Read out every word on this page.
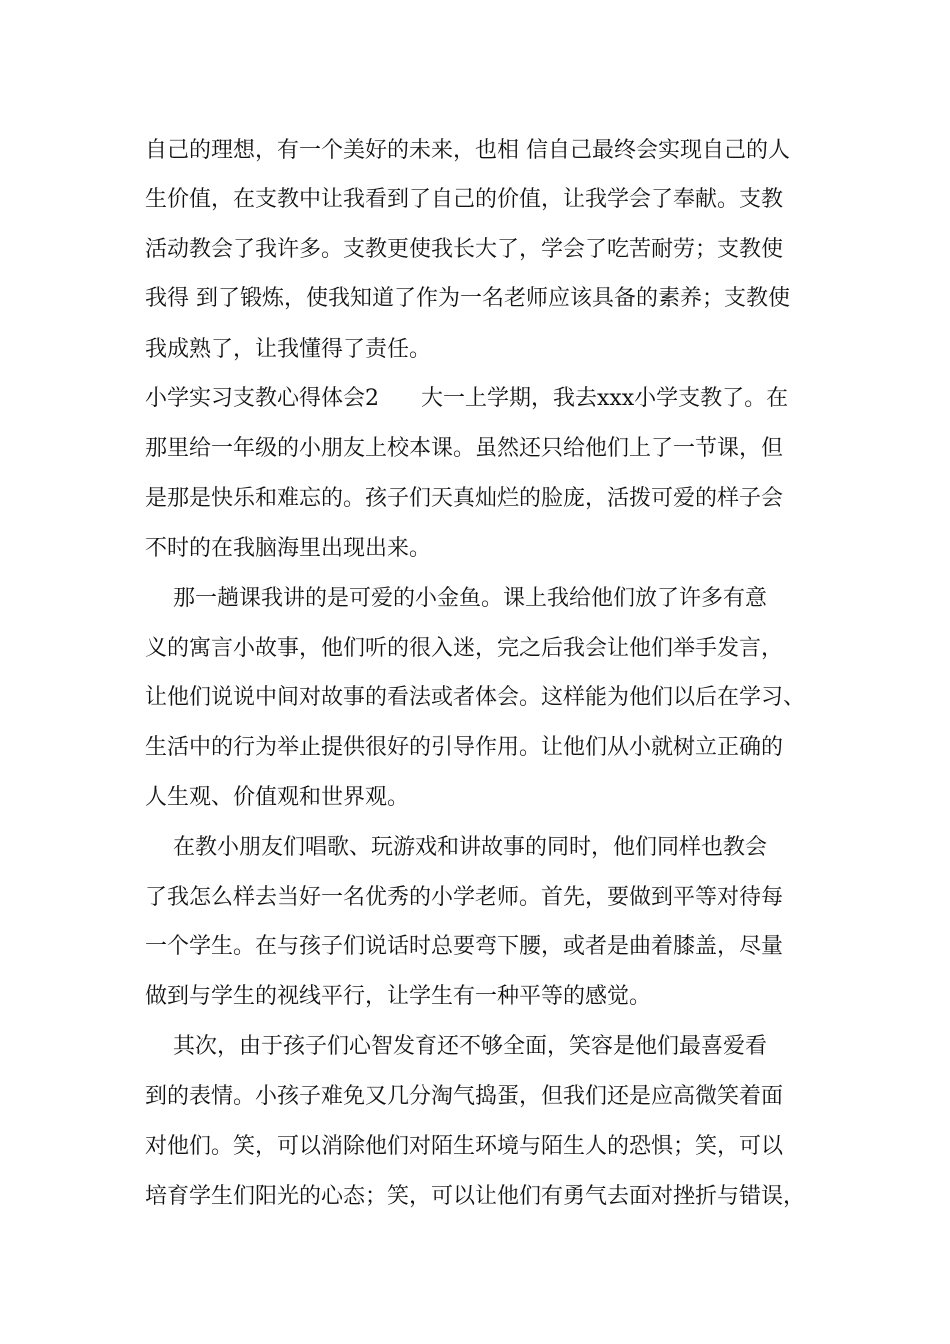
自己的理想，有一个美好的未来，也相 信自己最终会实现自己的人

生价值，在支教中让我看到了自己的价值，让我学会了奉献。支教

活动教会了我许多。支教更使我长大了，学会了吃苦耐劳；支教使

我得 到了锻炼，使我知道了作为一名老师应该具备的素养；支教使

我成熟了，让我懂得了责任。

小学实习支教心得体会2      大一上学期，我去xxx小学支教了。在

那里给一年级的小朋友上校本课。虽然还只给他们上了一节课，但

是那是快乐和难忘的。孩子们天真灿烂的脸庞，活拨可爱的样子会

不时的在我脑海里出现出来。

那一趟课我讲的是可爱的小金鱼。课上我给他们放了许多有意

义的寓言小故事，他们听的很入迷，完之后我会让他们举手发言，

让他们说说中间对故事的看法或者体会。这样能为他们以后在学习、

生活中的行为举止提供很好的引导作用。让他们从小就树立正确的

人生观、价值观和世界观。

在教小朋友们唱歌、玩游戏和讲故事的同时，他们同样也教会

了我怎么样去当好一名优秀的小学老师。首先，要做到平等对待每

一个学生。在与孩子们说话时总要弯下腰，或者是曲着膝盖，尽量

做到与学生的视线平行，让学生有一种平等的感觉。

其次，由于孩子们心智发育还不够全面，笑容是他们最喜爱看

到的表情。小孩子难免又几分淘气捣蛋，但我们还是应高微笑着面

对他们。笑，可以消除他们对陌生环境与陌生人的恐惧；笑，可以

培育学生们阳光的心态；笑，可以让他们有勇气去面对挫折与错误，
